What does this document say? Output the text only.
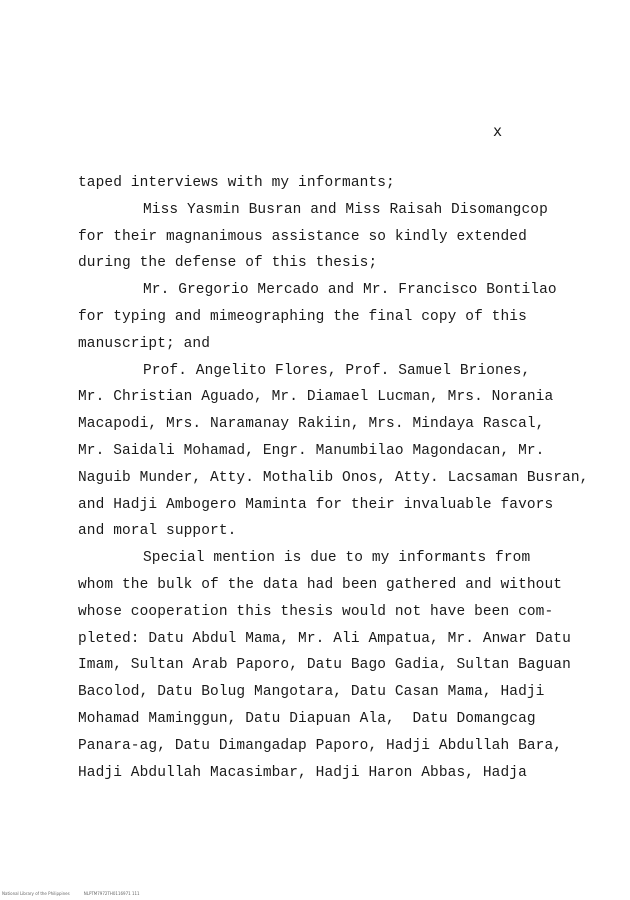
x
taped interviews with my informants;
Miss Yasmin Busran and Miss Raisah Disomangcop
for their magnanimous assistance so kindly extended
during the defense of this thesis;
Mr. Gregorio Mercado and Mr. Francisco Bontilao
for typing and mimeographing the final copy of this
manuscript; and
Prof. Angelito Flores, Prof. Samuel Briones,
Mr. Christian Aguado, Mr. Diamael Lucman, Mrs. Norania
Macapodi, Mrs. Naramanay Rakiin, Mrs. Mindaya Rascal,
Mr. Saidali Mohamad, Engr. Manumbilao Magondacan, Mr.
Naguib Munder, Atty. Mothalib Onos, Atty. Lacsaman Busran,
and Hadji Ambogero Maminta for their invaluable favors
and moral support.
Special mention is due to my informants from
whom the bulk of the data had been gathered and without
whose cooperation this thesis would not have been com-
pleted: Datu Abdul Mama, Mr. Ali Ampatua, Mr. Anwar Datu
Imam, Sultan Arab Paporo, Datu Bago Gadia, Sultan Baguan
Bacolod, Datu Bolug Mangotara, Datu Casan Mama, Hadji
Mohamad Maminggun, Datu Diapuan Ala,  Datu Domangcag
Panara-ag, Datu Dimangadap Paporo, Hadji Abdullah Bara,
Hadji Abdullah Macasimbar, Hadji Haron Abbas, Hadja
National Library of the Philippines	NLPTM7972TH0116971 111
